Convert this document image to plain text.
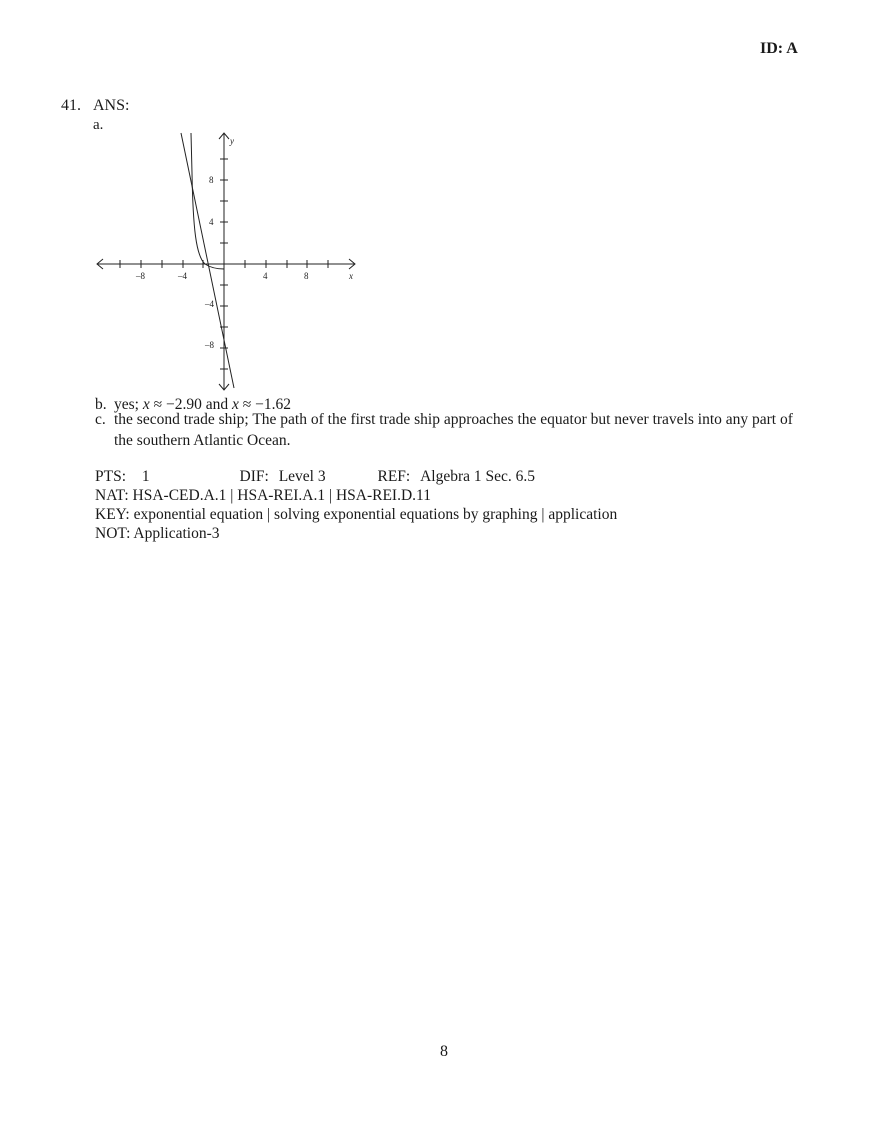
ID: A
41. ANS:
a.
–8	–4	4	8
8
4
–4
–8
x
y
b. yes; x ≈ −2.90 and x ≈ −1.62
c. the second trade ship; The path of the first trade ship approaches the equator but never travels into any part of
the southern Atlantic Ocean.
PTS: 1	DIF: Level 3	REF: Algebra 1 Sec. 6.5
NAT: HSA-CED.A.1 | HSA-REI.A.1 | HSA-REI.D.11
KEY: exponential equation | solving exponential equations by graphing | application
NOT: Application-3
8
